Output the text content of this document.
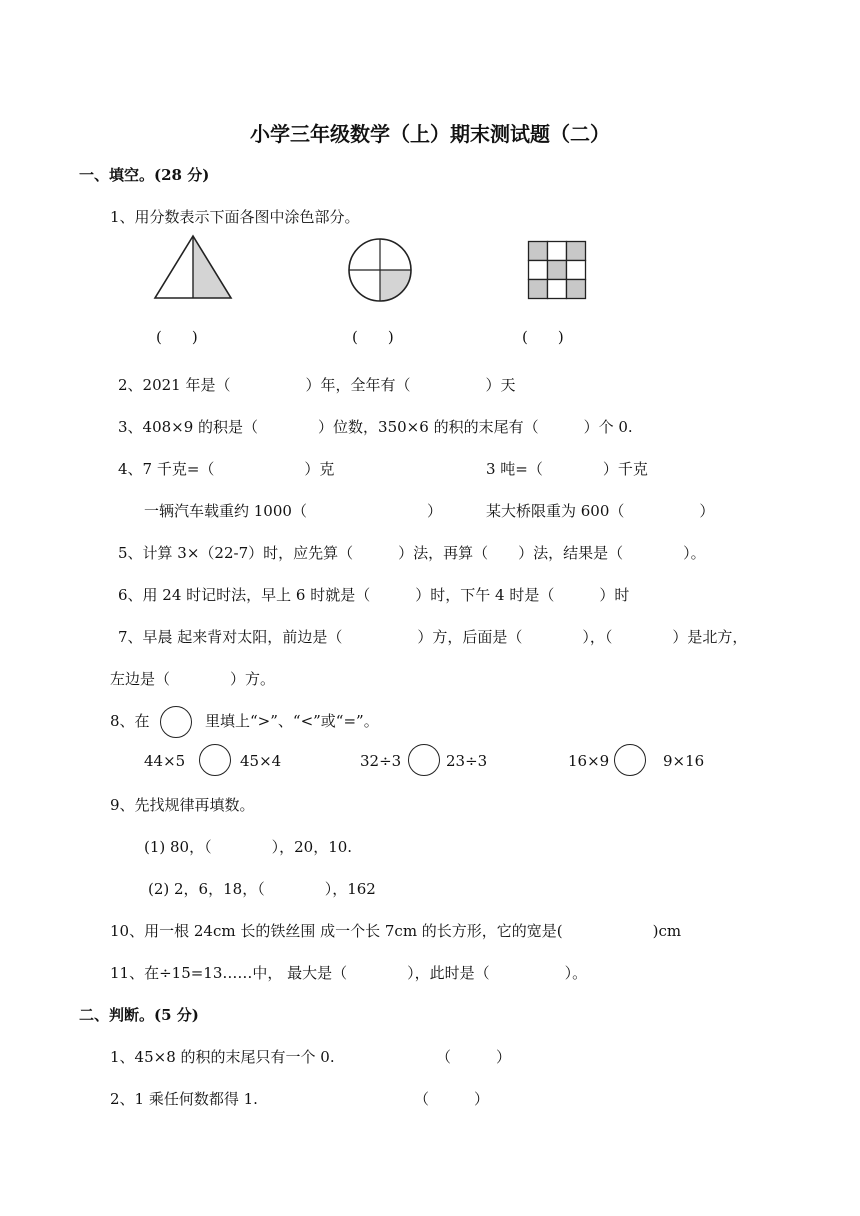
小学三年级数学（上）期末测试题（二）
一、填空。(28 分)
1、用分数表示下面各图中涂色部分。
(　　)	(　　)	(　　)
2、2021 年是（　　　　　）年，全年有（　　　　　）天
3、408×9 的积是（　　　　）位数，350×6 的积的末尾有（　　　）个 0.
4、7 千克=（　　　　　　）克	3 吨=（　　　　）千克
一辆汽车载重约 1000（　　　　　　　　）	某大桥限重为 600（　　　　　）
5、计算 3×（22-7）时，应先算（　　　）法，再算（　　）法，结果是（　　　　）。
6、用 24 时记时法，早上 6 时就是（　　　）时，下午 4 时是（　　　）时
7、早晨 起来背对太阳，前边是（　　　　　）方，后面是（　　　　），（　　　　）是北方，
左边是（　　　　）方。
8、在	里填上“>”、“<”或“=”。
44×5	45×4	32÷3	23÷3	16×9	9×16
9、先找规律再填数。
(1) 80，（　　　　），20，10.
(2) 2，6，18，（　　　　），162
10、用一根 24cm 长的铁丝围 成一个长 7cm 的长方形，它的宽是(　　　　　　)cm
11、在÷15=13……中， 最大是（　　　　），此时是（　　　　　）。
二、判断。(5 分)
1、45×8 的积的末尾只有一个 0.	（　　　）
2、1 乘任何数都得 1.	（　　　）
